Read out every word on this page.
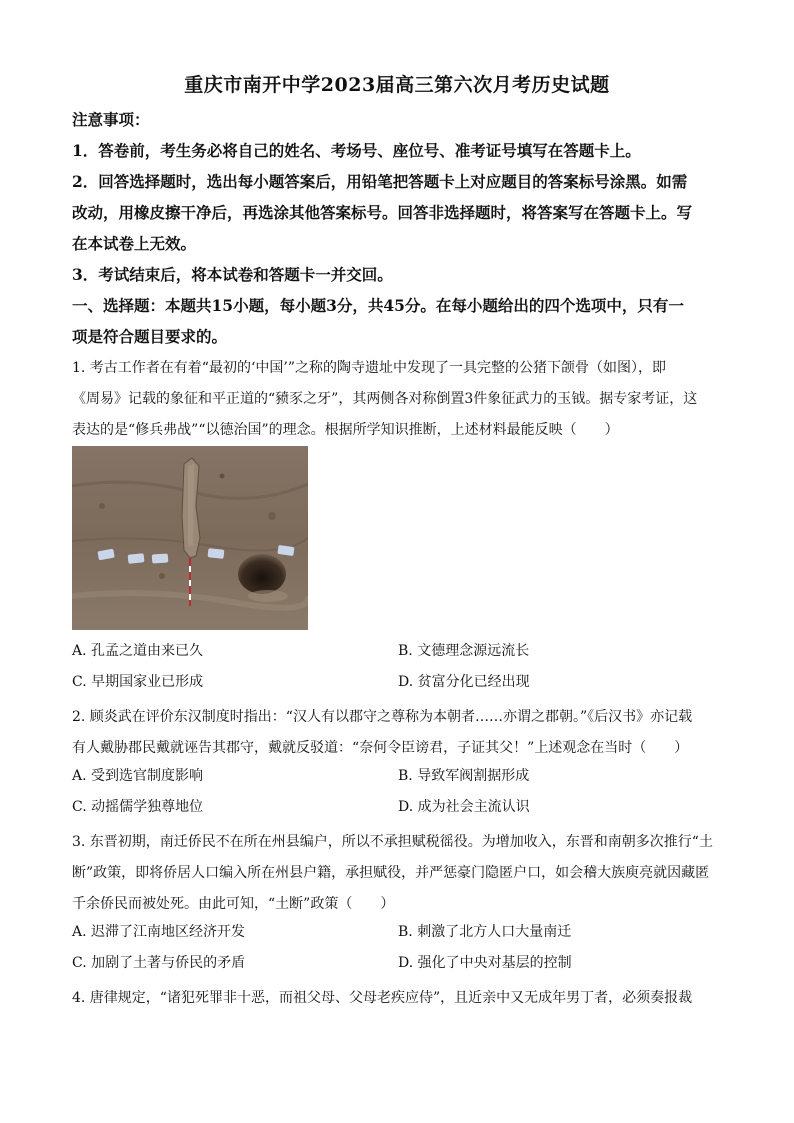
重庆市南开中学2023届高三第六次月考历史试题
注意事项：
1．答卷前，考生务必将自己的姓名、考场号、座位号、准考证号填写在答题卡上。
2．回答选择题时，选出每小题答案后，用铅笔把答题卡上对应题目的答案标号涂黑。如需
改动，用橡皮擦干净后，再选涂其他答案标号。回答非选择题时，将答案写在答题卡上。写
在本试卷上无效。
3．考试结束后，将本试卷和答题卡一并交回。
一、选择题：本题共15小题，每小题3分，共45分。在每小题给出的四个选项中，只有一
项是符合题目要求的。
1. 考古工作者在有着“最初的‘中国’”之称的陶寺遗址中发现了一具完整的公猪下颌骨（如图），即
《周易》记载的象征和平正道的“豮豕之牙”，其两侧各对称倒置3件象征武力的玉钺。据专家考证，这
表达的是“修兵弗战”“以德治国”的理念。根据所学知识推断，上述材料最能反映（　　）
A. 孔孟之道由来已久	B. 文德理念源远流长
C. 早期国家业已形成	D. 贫富分化已经出现
2. 顾炎武在评价东汉制度时指出：“汉人有以郡守之尊称为本朝者……亦谓之郡朝。”《后汉书》亦记载
有人戴胁郡民戴就诬告其郡守，戴就反驳道：“奈何令臣谤君，子证其父！”上述观念在当时（　　）
A. 受到选官制度影响	B. 导致军阀割据形成
C. 动摇儒学独尊地位	D. 成为社会主流认识
3. 东晋初期，南迁侨民不在所在州县编户，所以不承担赋税徭役。为增加收入，东晋和南朝多次推行“土
断”政策，即将侨居人口编入所在州县户籍，承担赋役，并严惩豪门隐匿户口，如会稽大族庾亮就因藏匿
千余侨民而被处死。由此可知，“土断”政策（　　）
A. 迟滞了江南地区经济开发	B. 刺激了北方人口大量南迁
C. 加剧了土著与侨民的矛盾	D. 强化了中央对基层的控制
4. 唐律规定，“诸犯死罪非十恶，而祖父母、父母老疾应侍”，且近亲中又无成年男丁者，必须奏报裁
